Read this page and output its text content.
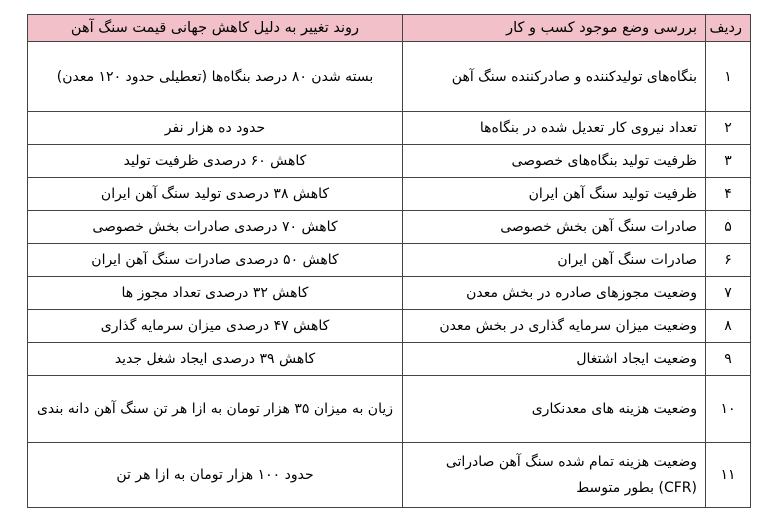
ردیف	بررسی وضع موجود کسب و کار	روند تغییر به دلیل کاهش جهانی قیمت سنگ آهن
۱	بنگاه‌های تولیدکننده و صادرکننده سنگ آهن	بسته شدن ۸۰ درصد بنگاه‌ها (تعطیلی حدود ۱۲۰ معدن)
۲	تعداد نیروی کار تعدیل شده در بنگاه‌ها	حدود ده هزار نفر
۳	ظرفیت تولید بنگاه‌های خصوصی	کاهش ۶۰ درصدی ظرفیت تولید
۴	ظرفیت تولید سنگ آهن ایران	کاهش ۳۸ درصدی تولید سنگ آهن ایران
۵	صادرات سنگ آهن بخش خصوصی	کاهش ۷۰ درصدی صادرات بخش خصوصی
۶	صادرات سنگ آهن ایران	کاهش ۵۰ درصدی صادرات سنگ آهن ایران
۷	وضعیت مجوزهای صادره در بخش معدن	کاهش ۳۲ درصدی تعداد مجوز ها
۸	وضعیت میزان سرمایه گذاری در بخش معدن	کاهش ۴۷ درصدی میزان سرمایه گذاری
۹	وضعیت ایجاد اشتغال	کاهش ۳۹ درصدی ایجاد شغل جدید
۱۰	وضعیت هزینه های معدنکاری	زیان به میزان ۳۵ هزار تومان به ازا هر تن سنگ آهن دانه بندی
۱۱	وضعیت هزینه تمام شده سنگ آهن صادراتی (CFR) بطور متوسط	حدود ۱۰۰ هزار تومان به ازا هر تن
